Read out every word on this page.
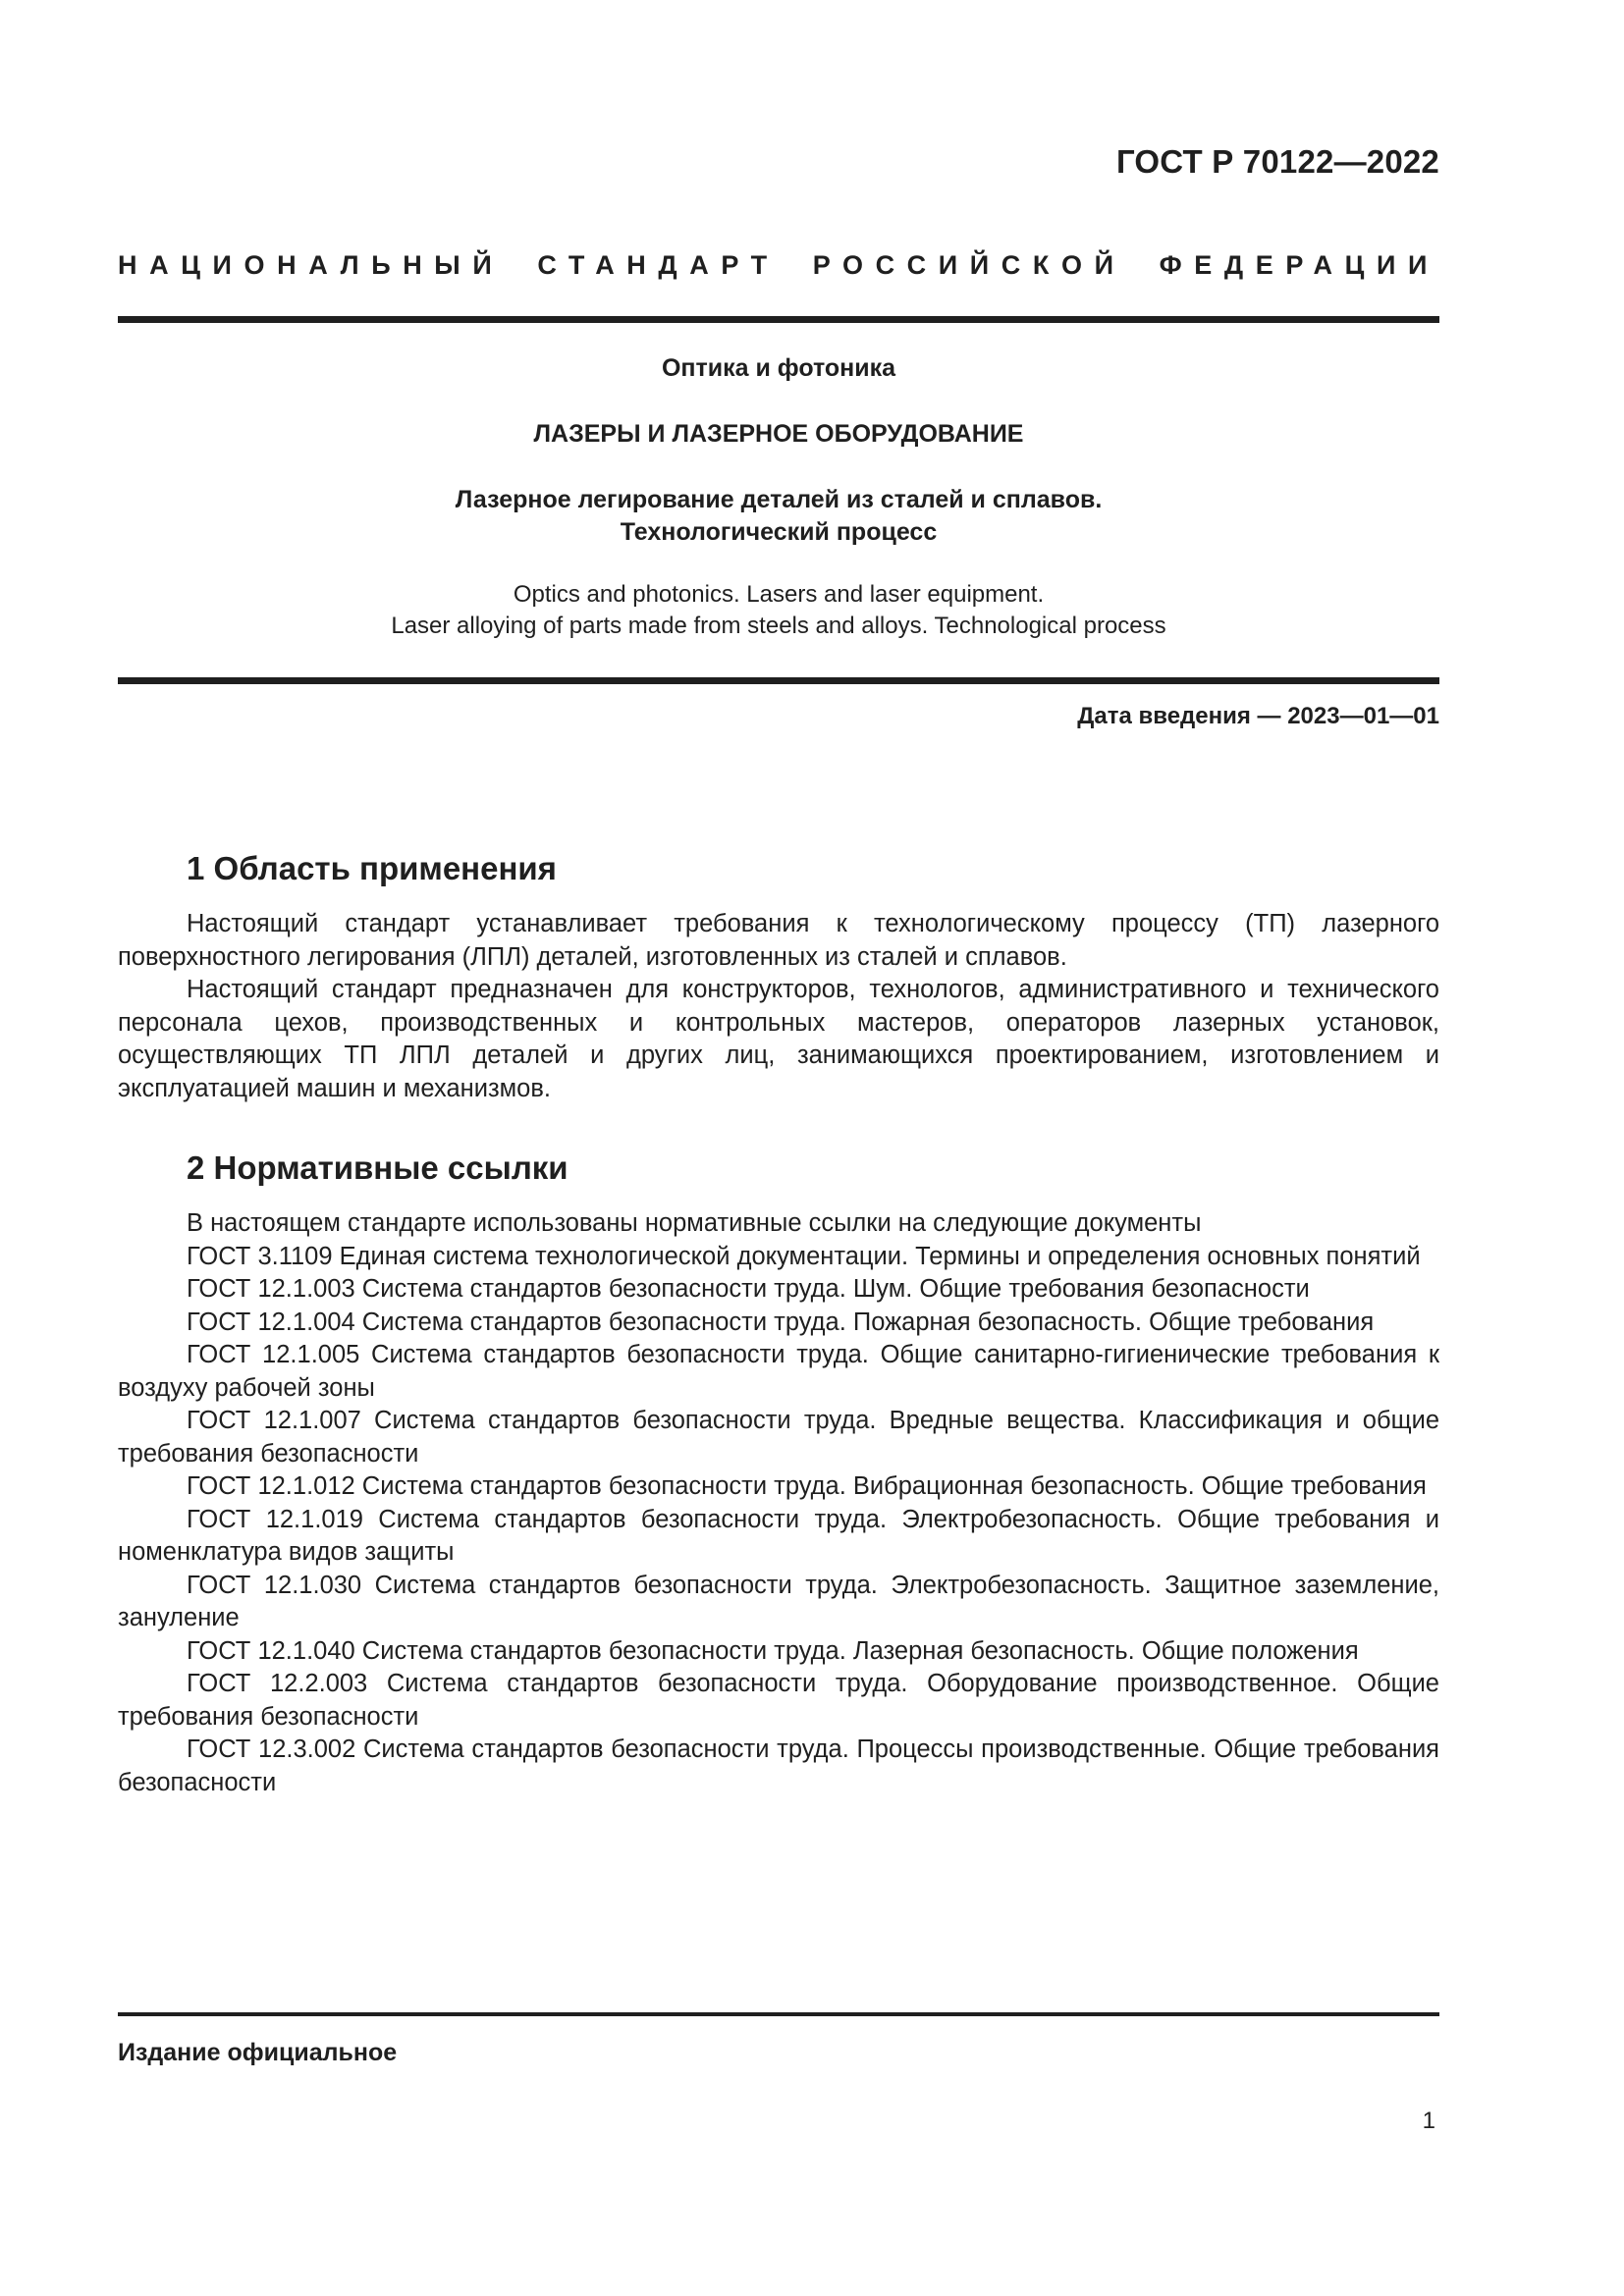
ГОСТ Р 70122—2022
НАЦИОНАЛЬНЫЙ СТАНДАРТ РОССИЙСКОЙ ФЕДЕРАЦИИ
Оптика и фотоника
ЛАЗЕРЫ И ЛАЗЕРНОЕ ОБОРУДОВАНИЕ
Лазерное легирование деталей из сталей и сплавов.
Технологический процесс
Optics and photonics. Lasers and laser equipment.
Laser alloying of parts made from steels and alloys. Technological process
Дата введения — 2023—01—01
1 Область применения

Настоящий стандарт устанавливает требования к технологическому процессу (ТП) лазерного поверхностного легирования (ЛПЛ) деталей, изготовленных из сталей и сплавов.

Настоящий стандарт предназначен для конструкторов, технологов, административного и технического персонала цехов, производственных и контрольных мастеров, операторов лазерных установок, осуществляющих ТП ЛПЛ деталей и других лиц, занимающихся проектированием, изготовлением и эксплуатацией машин и механизмов.

2 Нормативные ссылки

В настоящем стандарте использованы нормативные ссылки на следующие документы

ГОСТ 3.1109 Единая система технологической документации. Термины и определения основных понятий

ГОСТ 12.1.003 Система стандартов безопасности труда. Шум. Общие требования безопасности

ГОСТ 12.1.004 Система стандартов безопасности труда. Пожарная безопасность. Общие требования

ГОСТ 12.1.005 Система стандартов безопасности труда. Общие санитарно-гигиенические требования к воздуху рабочей зоны

ГОСТ 12.1.007 Система стандартов безопасности труда. Вредные вещества. Классификация и общие требования безопасности

ГОСТ 12.1.012 Система стандартов безопасности труда. Вибрационная безопасность. Общие требования

ГОСТ 12.1.019 Система стандартов безопасности труда. Электробезопасность. Общие требования и номенклатура видов защиты

ГОСТ 12.1.030 Система стандартов безопасности труда. Электробезопасность. Защитное заземление, зануление

ГОСТ 12.1.040 Система стандартов безопасности труда. Лазерная безопасность. Общие положения

ГОСТ 12.2.003 Система стандартов безопасности труда. Оборудование производственное. Общие требования безопасности

ГОСТ 12.3.002 Система стандартов безопасности труда. Процессы производственные. Общие требования безопасности

Издание официальное
1
